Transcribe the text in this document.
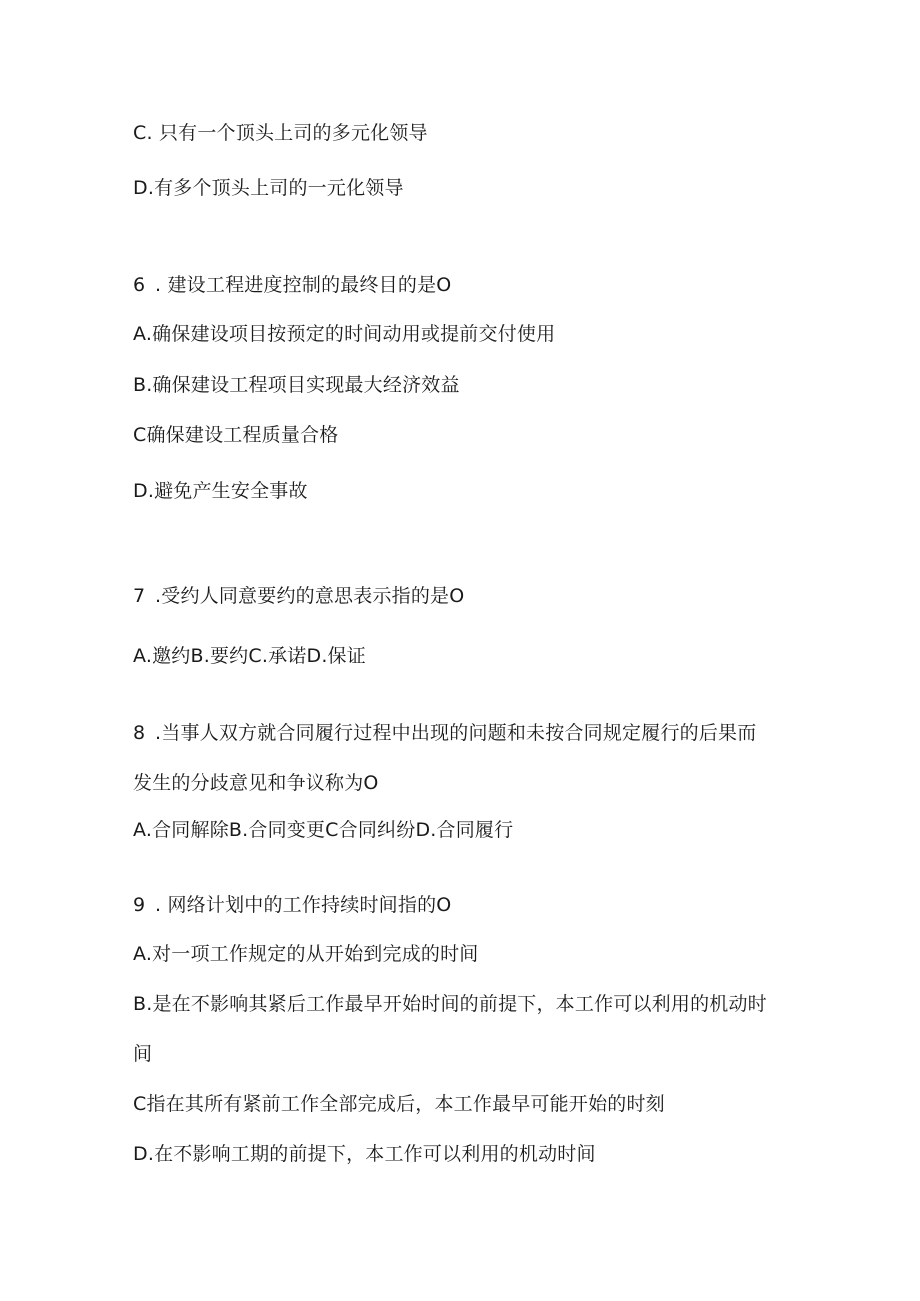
C. 只有一个顶头上司的多元化领导
D.有多个顶头上司的一元化领导
6 . 建设工程进度控制的最终目的是O
A.确保建设项目按预定的时间动用或提前交付使用
B.确保建设工程项目实现最大经济效益
C确保建设工程质量合格
D.避免产生安全事故
7 .受约人同意要约的意思表示指的是O
A.邀约B.要约C.承诺D.保证
8 .当事人双方就合同履行过程中出现的问题和未按合同规定履行的后果而
发生的分歧意见和争议称为O
A.合同解除B.合同变更C合同纠纷D.合同履行
9 . 网络计划中的工作持续时间指的O
A.对一项工作规定的从开始到完成的时间
B.是在不影响其紧后工作最早开始时间的前提下，本工作可以利用的机动时
间
C指在其所有紧前工作全部完成后，本工作最早可能开始的时刻
D.在不影响工期的前提下，本工作可以利用的机动时间
